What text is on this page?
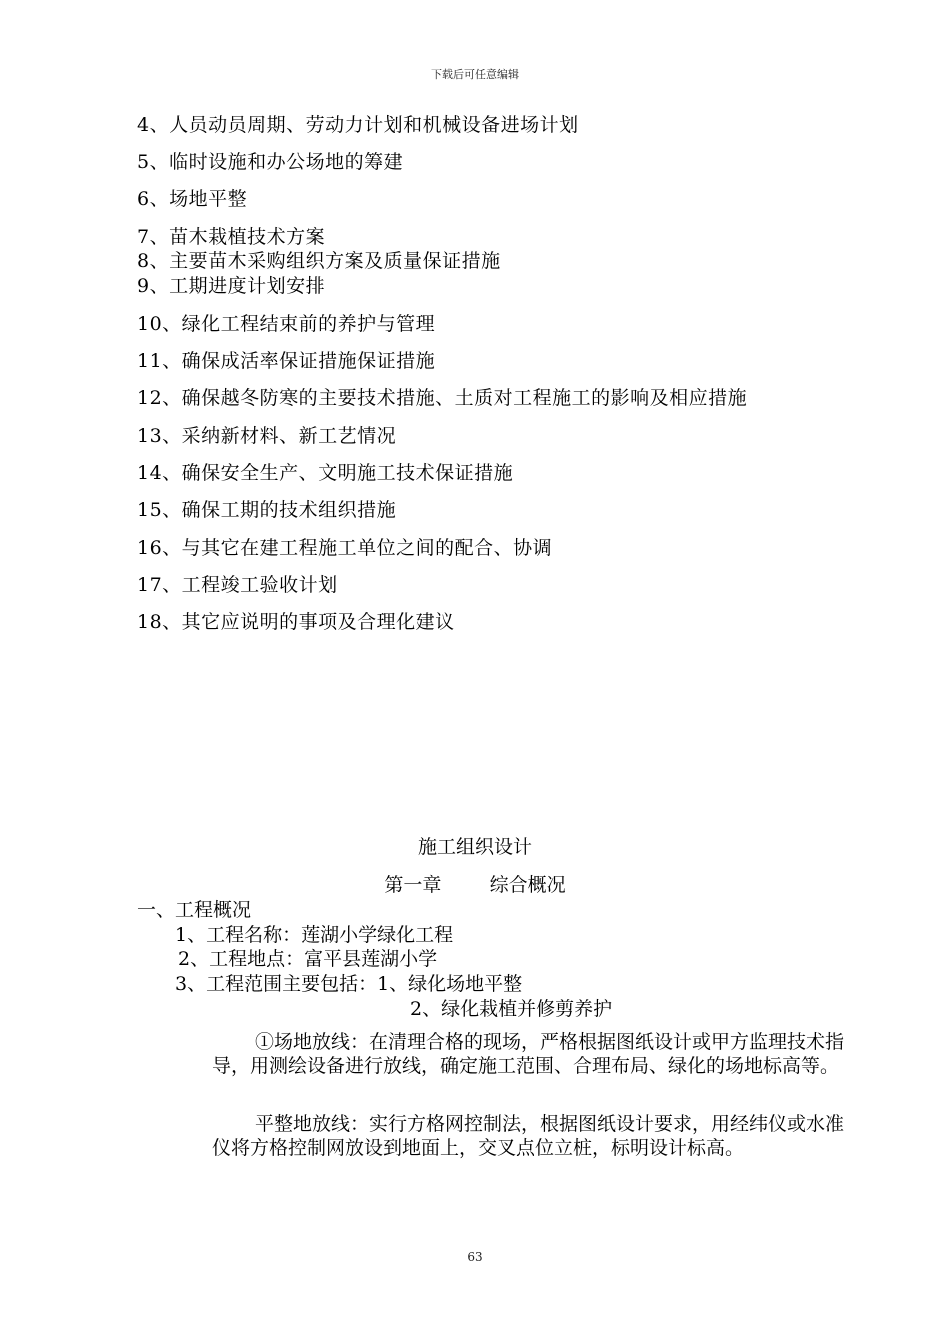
下载后可任意编辑
4、人员动员周期、劳动力计划和机械设备进场计划
5、临时设施和办公场地的筹建
6、场地平整
7、苗木栽植技术方案
8、主要苗木采购组织方案及质量保证措施
9、工期进度计划安排
10、绿化工程结束前的养护与管理
11、确保成活率保证措施保证措施
12、确保越冬防寒的主要技术措施、土质对工程施工的影响及相应措施
13、采纳新材料、新工艺情况
14、确保安全生产、文明施工技术保证措施
15、确保工期的技术组织措施
16、与其它在建工程施工单位之间的配合、协调
17、工程竣工验收计划
18、其它应说明的事项及合理化建议
施工组织设计
第一章        综合概况
一、工程概况
1、工程名称：莲湖小学绿化工程
2、工程地点：富平县莲湖小学
3、工程范围主要包括：1、绿化场地平整
2、绿化栽植并修剪养护

①场地放线：在清理合格的现场，严格根据图纸设计或甲方监理技术指导，用测绘设备进行放线，确定施工范围、合理布局、绿化的场地标高等。

平整地放线：实行方格网控制法，根据图纸设计要求，用经纬仪或水准仪将方格控制网放设到地面上，交叉点位立桩，标明设计标高。

63
